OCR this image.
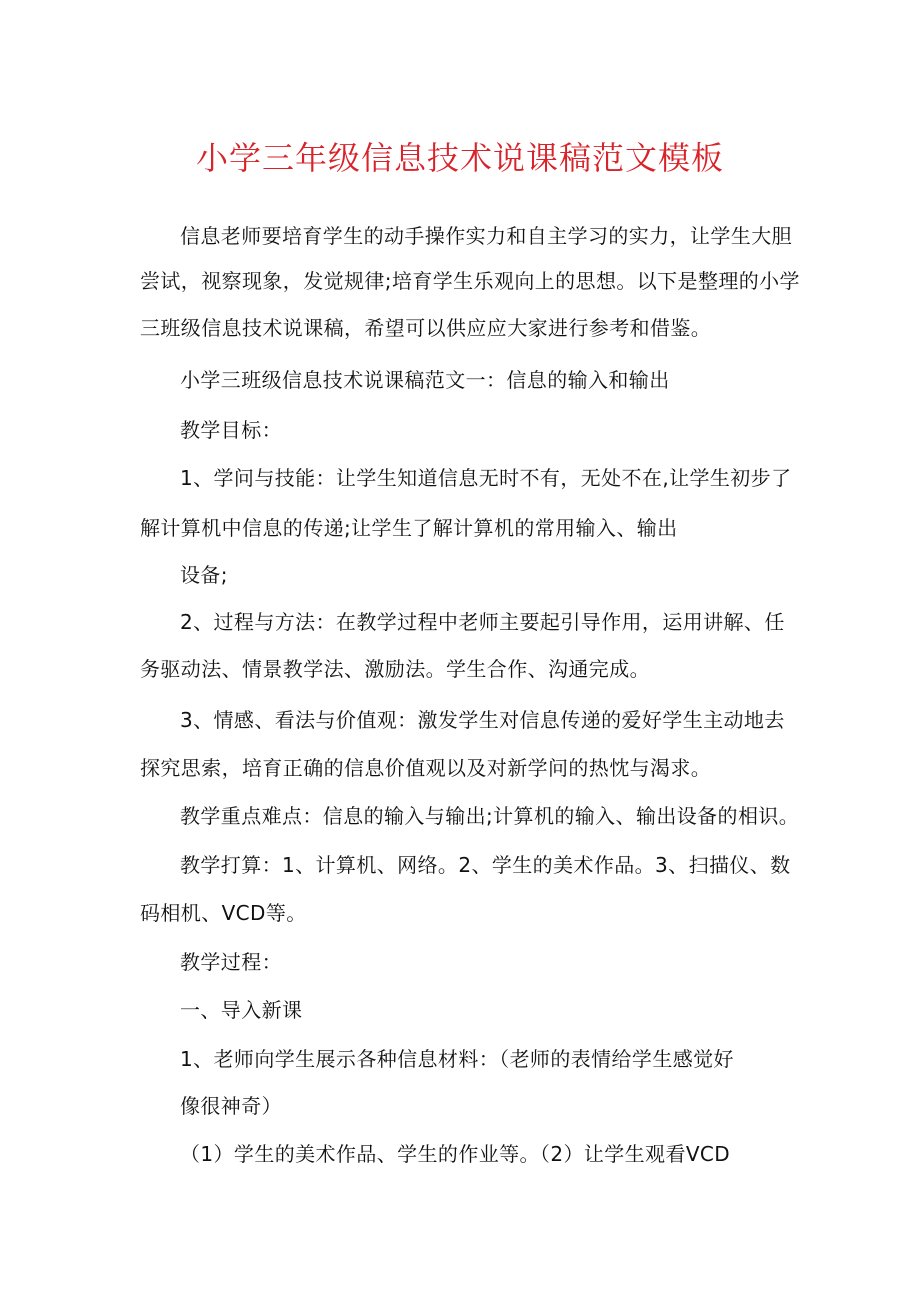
小学三年级信息技术说课稿范文模板
信息老师要培育学生的动手操作实力和自主学习的实力，让学生大胆
尝试，视察现象，发觉规律;培育学生乐观向上的思想。以下是整理的小学
三班级信息技术说课稿，希望可以供应应大家进行参考和借鉴。
小学三班级信息技术说课稿范文一：信息的输入和输出
教学目标：
1、学问与技能：让学生知道信息无时不有，无处不在,让学生初步了
解计算机中信息的传递;让学生了解计算机的常用输入、输出
设备;
2、过程与方法：在教学过程中老师主要起引导作用，运用讲解、任
务驱动法、情景教学法、激励法。学生合作、沟通完成。
3、情感、看法与价值观：激发学生对信息传递的爱好学生主动地去
探究思索，培育正确的信息价值观以及对新学问的热忱与渴求。
教学重点难点：信息的输入与输出;计算机的输入、输出设备的相识。
教学打算：1、计算机、网络。2、学生的美术作品。3、扫描仪、数
码相机、VCD等。
教学过程：
一、导入新课
1、老师向学生展示各种信息材料：（老师的表情给学生感觉好
像很神奇）
（1）学生的美术作品、学生的作业等。（2）让学生观看VCD
